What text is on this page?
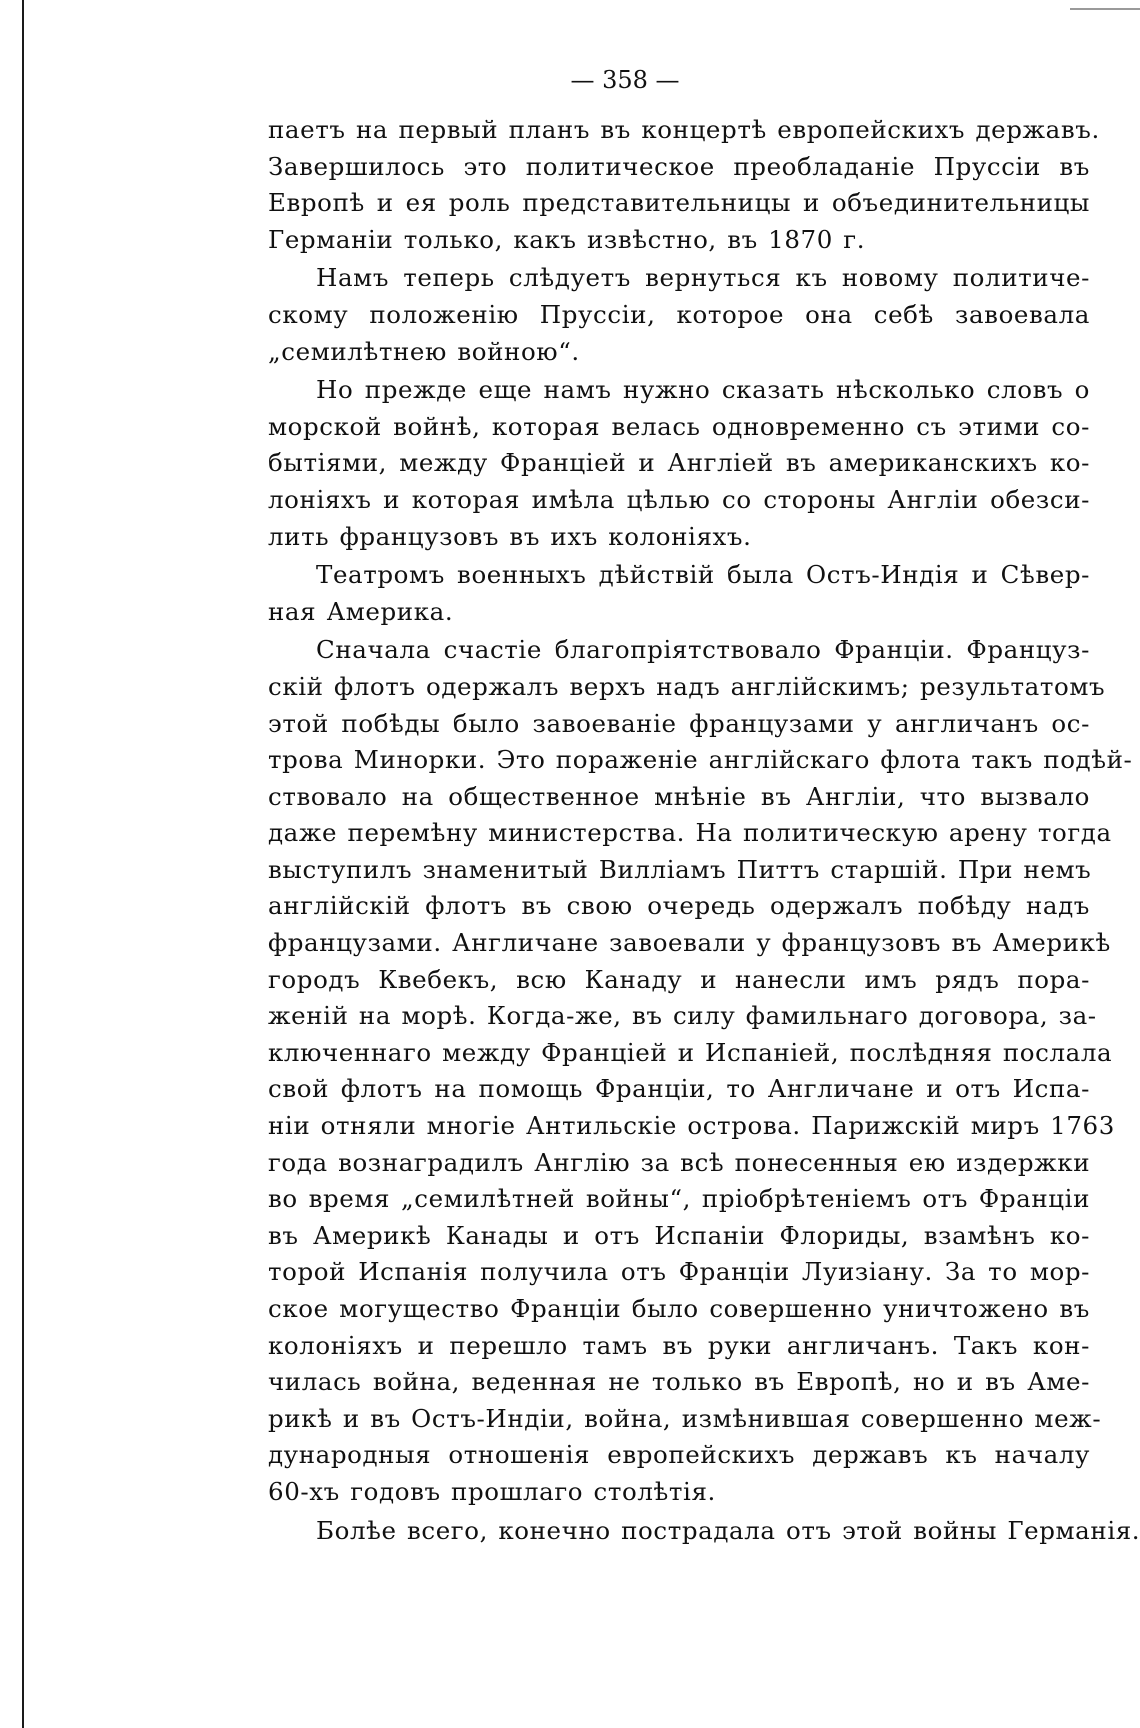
— 358 —

паетъ на первый планъ въ концертѣ европейскихъ державъ.
Завершилось это политическое преобладаніе Пруссіи въ
Европѣ и ея роль представительницы и объединительницы
Германіи только, какъ извѣстно, въ 1870 г.

Намъ теперь слѣдуетъ вернуться къ новому политиче-
скому положенію Пруссіи, которое она себѣ завоевала
„семилѣтнею войною“.

Но прежде еще намъ нужно сказать нѣсколько словъ о
морской войнѣ, которая велась одновременно съ этими со-
бытіями, между Франціей и Англіей въ американскихъ ко-
лоніяхъ и которая имѣла цѣлью со стороны Англіи обезси-
лить французовъ въ ихъ колоніяхъ.

Театромъ военныхъ дѣйствій была Остъ-Индія и Сѣвер-
ная Америка.

Сначала счастіе благопріятствовало Франціи. Француз-
скій флотъ одержалъ верхъ надъ англійскимъ; результатомъ
этой побѣды было завоеваніе французами у англичанъ ос-
трова Минорки. Это пораженіе англійскаго флота такъ подѣй-
ствовало на общественное мнѣніе въ Англіи, что вызвало
даже перемѣну министерства. На политическую арену тогда
выступилъ знаменитый Вилліамъ Питтъ старшій. При немъ
англійскій флотъ въ свою очередь одержалъ побѣду надъ
французами. Англичане завоевали у французовъ въ Америкѣ
городъ Квебекъ, всю Канаду и нанесли имъ рядъ пора-
женій на морѣ. Когда-же, въ силу фамильнаго договора, за-
ключеннаго между Франціей и Испаніей, послѣдняя послала
свой флотъ на помощь Франціи, то Англичане и отъ Испа-
ніи отняли многіе Антильскіе острова. Парижскій миръ 1763
года вознаградилъ Англію за всѣ понесенныя ею издержки
во время „семилѣтней войны“, пріобрѣтеніемъ отъ Франціи
въ Америкѣ Канады и отъ Испаніи Флориды, взамѣнъ ко-
торой Испанія получила отъ Франціи Луизіану. За то мор-
ское могущество Франціи было совершенно уничтожено въ
колоніяхъ и перешло тамъ въ руки англичанъ. Такъ кон-
чилась война, веденная не только въ Европѣ, но и въ Аме-
рикѣ и въ Остъ-Индіи, война, измѣнившая совершенно меж-
дународныя отношенія европейскихъ державъ къ началу
60-хъ годовъ прошлаго столѣтія.

Болѣе всего, конечно пострадала отъ этой войны Германія.
